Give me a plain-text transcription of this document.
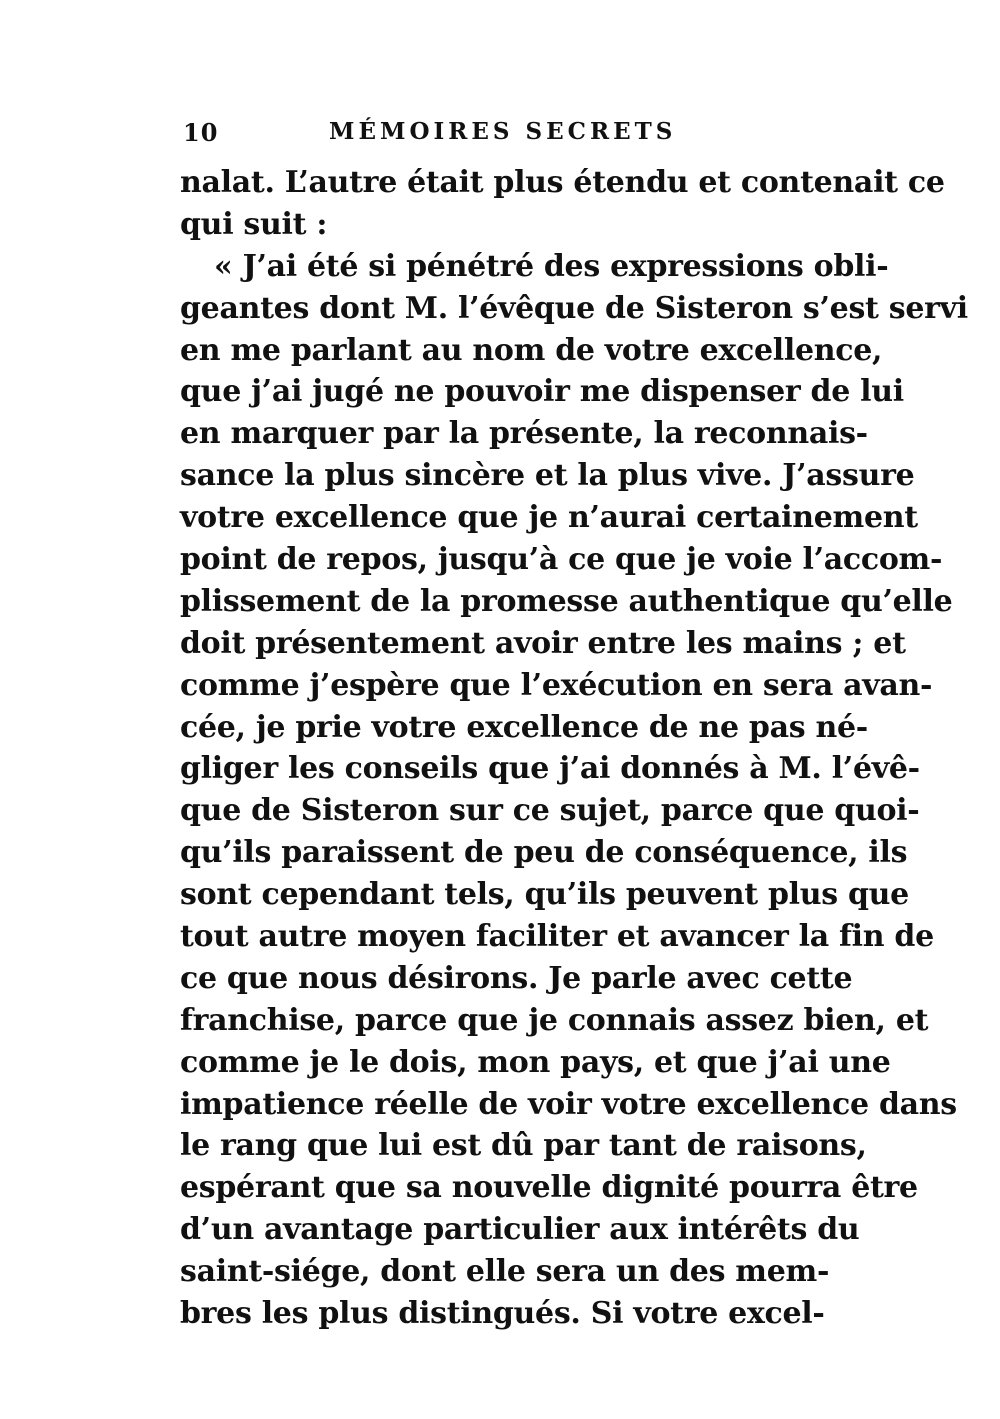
10	MÉMOIRES SECRETS
nalat. L’autre était plus étendu et contenait ce
qui suit :
« J’ai été si pénétré des expressions obli-
geantes dont M. l’évêque de Sisteron s’est servi
en me parlant au nom de votre excellence,
que j’ai jugé ne pouvoir me dispenser de lui
en marquer par la présente, la reconnais-
sance la plus sincère et la plus vive. J’assure
votre excellence que je n’aurai certainement
point de repos, jusqu’à ce que je voie l’accom-
plissement de la promesse authentique qu’elle
doit présentement avoir entre les mains ; et
comme j’espère que l’exécution en sera avan-
cée, je prie votre excellence de ne pas né-
gliger les conseils que j’ai donnés à M. l’évê-
que de Sisteron sur ce sujet, parce que quoi-
qu’ils paraissent de peu de conséquence, ils
sont cependant tels, qu’ils peuvent plus que
tout autre moyen faciliter et avancer la fin de
ce que nous désirons. Je parle avec cette
franchise, parce que je connais assez bien, et
comme je le dois, mon pays, et que j’ai une
impatience réelle de voir votre excellence dans
le rang que lui est dû par tant de raisons,
espérant que sa nouvelle dignité pourra être
d’un avantage particulier aux intérêts du
saint-siége, dont elle sera un des mem-
bres les plus distingués. Si votre excel-
